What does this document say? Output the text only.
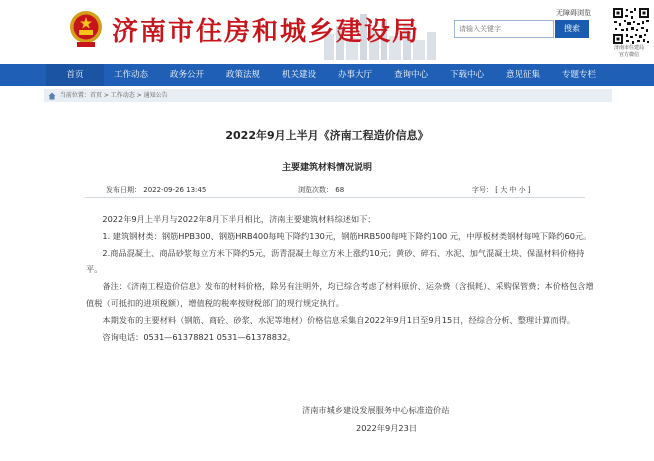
济南市住房和城乡建设局
无障碍浏览
请输入关键字
搜索
济南市住建局
官方微信
首页	工作动态	政务公开	政策法规	机关建设	办事大厅	查询中心	下载中心	意见征集	专题专栏
当前位置：首页 > 工作动态 > 通知公告
2022年9月上半月《济南工程造价信息》
主要建筑材料情况说明
发布日期： 2022-09-26 13:45	浏览次数： 68	字号： [ 大 中 小 ]

2022年9月上半月与2022年8月下半月相比，济南主要建筑材料综述如下：

1. 建筑钢材类：钢筋HPB300、钢筋HRB400每吨下降约130元，钢筋HRB500每吨下降约100 元，中厚板材类钢材每吨下降约60元。

2.商品混凝土、商品砂浆每立方米下降约5元，沥青混凝土每立方米上涨约10元；黄砂、碎石、水泥、加气混凝土块、保温材料价格持平。

备注：《济南工程造价信息》发布的材料价格，除另有注明外，均已综合考虑了材料原价、运杂费（含损耗）、采购保管费；本价格包含增值税（可抵扣的进项税额），增值税的税率按财税部门的现行规定执行。

本期发布的主要材料（钢筋、商砼、砂浆、水泥等地材）价格信息采集自2022年9月1日至9月15日，经综合分析、整理计算而得。

咨询电话：0531—61378821 0531—61378832。

济南市城乡建设发展服务中心标准造价站
2022年9月23日
